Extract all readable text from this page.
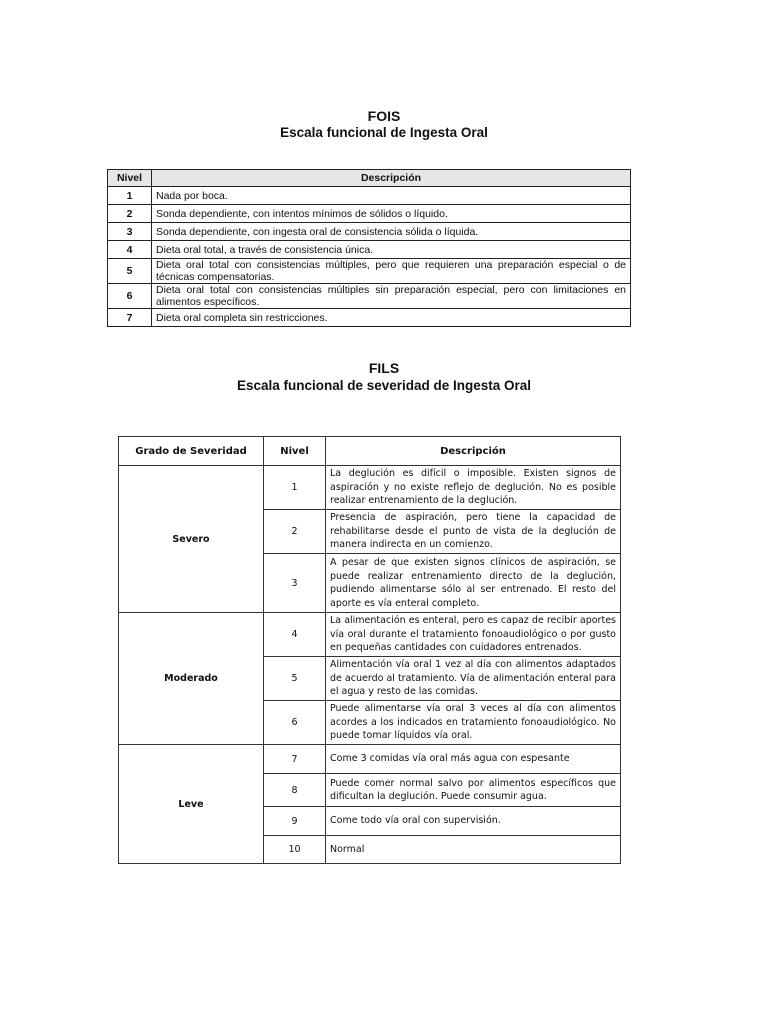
FOIS
Escala funcional de Ingesta Oral
Nivel	Descripción
1	Nada por boca.
2	Sonda dependiente, con intentos mínimos de sólidos o líquido.
3	Sonda dependiente, con ingesta oral de consistencia sólida o líquida.
4	Dieta oral total, a través de consistencia única.
5	Dieta oral total con consistencias múltiples, pero que requieren una preparación especial o de técnicas compensatorias.
6	Dieta oral total con consistencias múltiples sin preparación especial, pero con limitaciones en alimentos específicos.
7	Dieta oral completa sin restricciones.
FILS
Escala funcional de severidad de Ingesta Oral
Grado de Severidad	Nivel	Descripción
Severo	1	La deglución es difícil o imposible. Existen signos de aspiración y no existe reflejo de deglución. No es posible realizar entrenamiento de la deglución.
	2	Presencia de aspiración, pero tiene la capacidad de rehabilitarse desde el punto de vista de la deglución de manera indirecta en un comienzo.
	3	A pesar de que existen signos clínicos de aspiración, se puede realizar entrenamiento directo de la deglución, pudiendo alimentarse sólo al ser entrenado. El resto del aporte es vía enteral completo.
Moderado	4	La alimentación es enteral, pero es capaz de recibir aportes vía oral durante el tratamiento fonoaudiológico o por gusto en pequeñas cantidades con cuidadores entrenados.
	5	Alimentación vía oral 1 vez al día con alimentos adaptados de acuerdo al tratamiento. Vía de alimentación enteral para el agua y resto de las comidas.
	6	Puede alimentarse vía oral 3 veces al día con alimentos acordes a los indicados en tratamiento fonoaudiológico. No puede tomar líquidos vía oral.
Leve	7	Come 3 comidas vía oral más agua con espesante
	8	Puede comer normal salvo por alimentos específicos que dificultan la deglución. Puede consumir agua.
	9	Come todo vía oral con supervisión.
	10	Normal
